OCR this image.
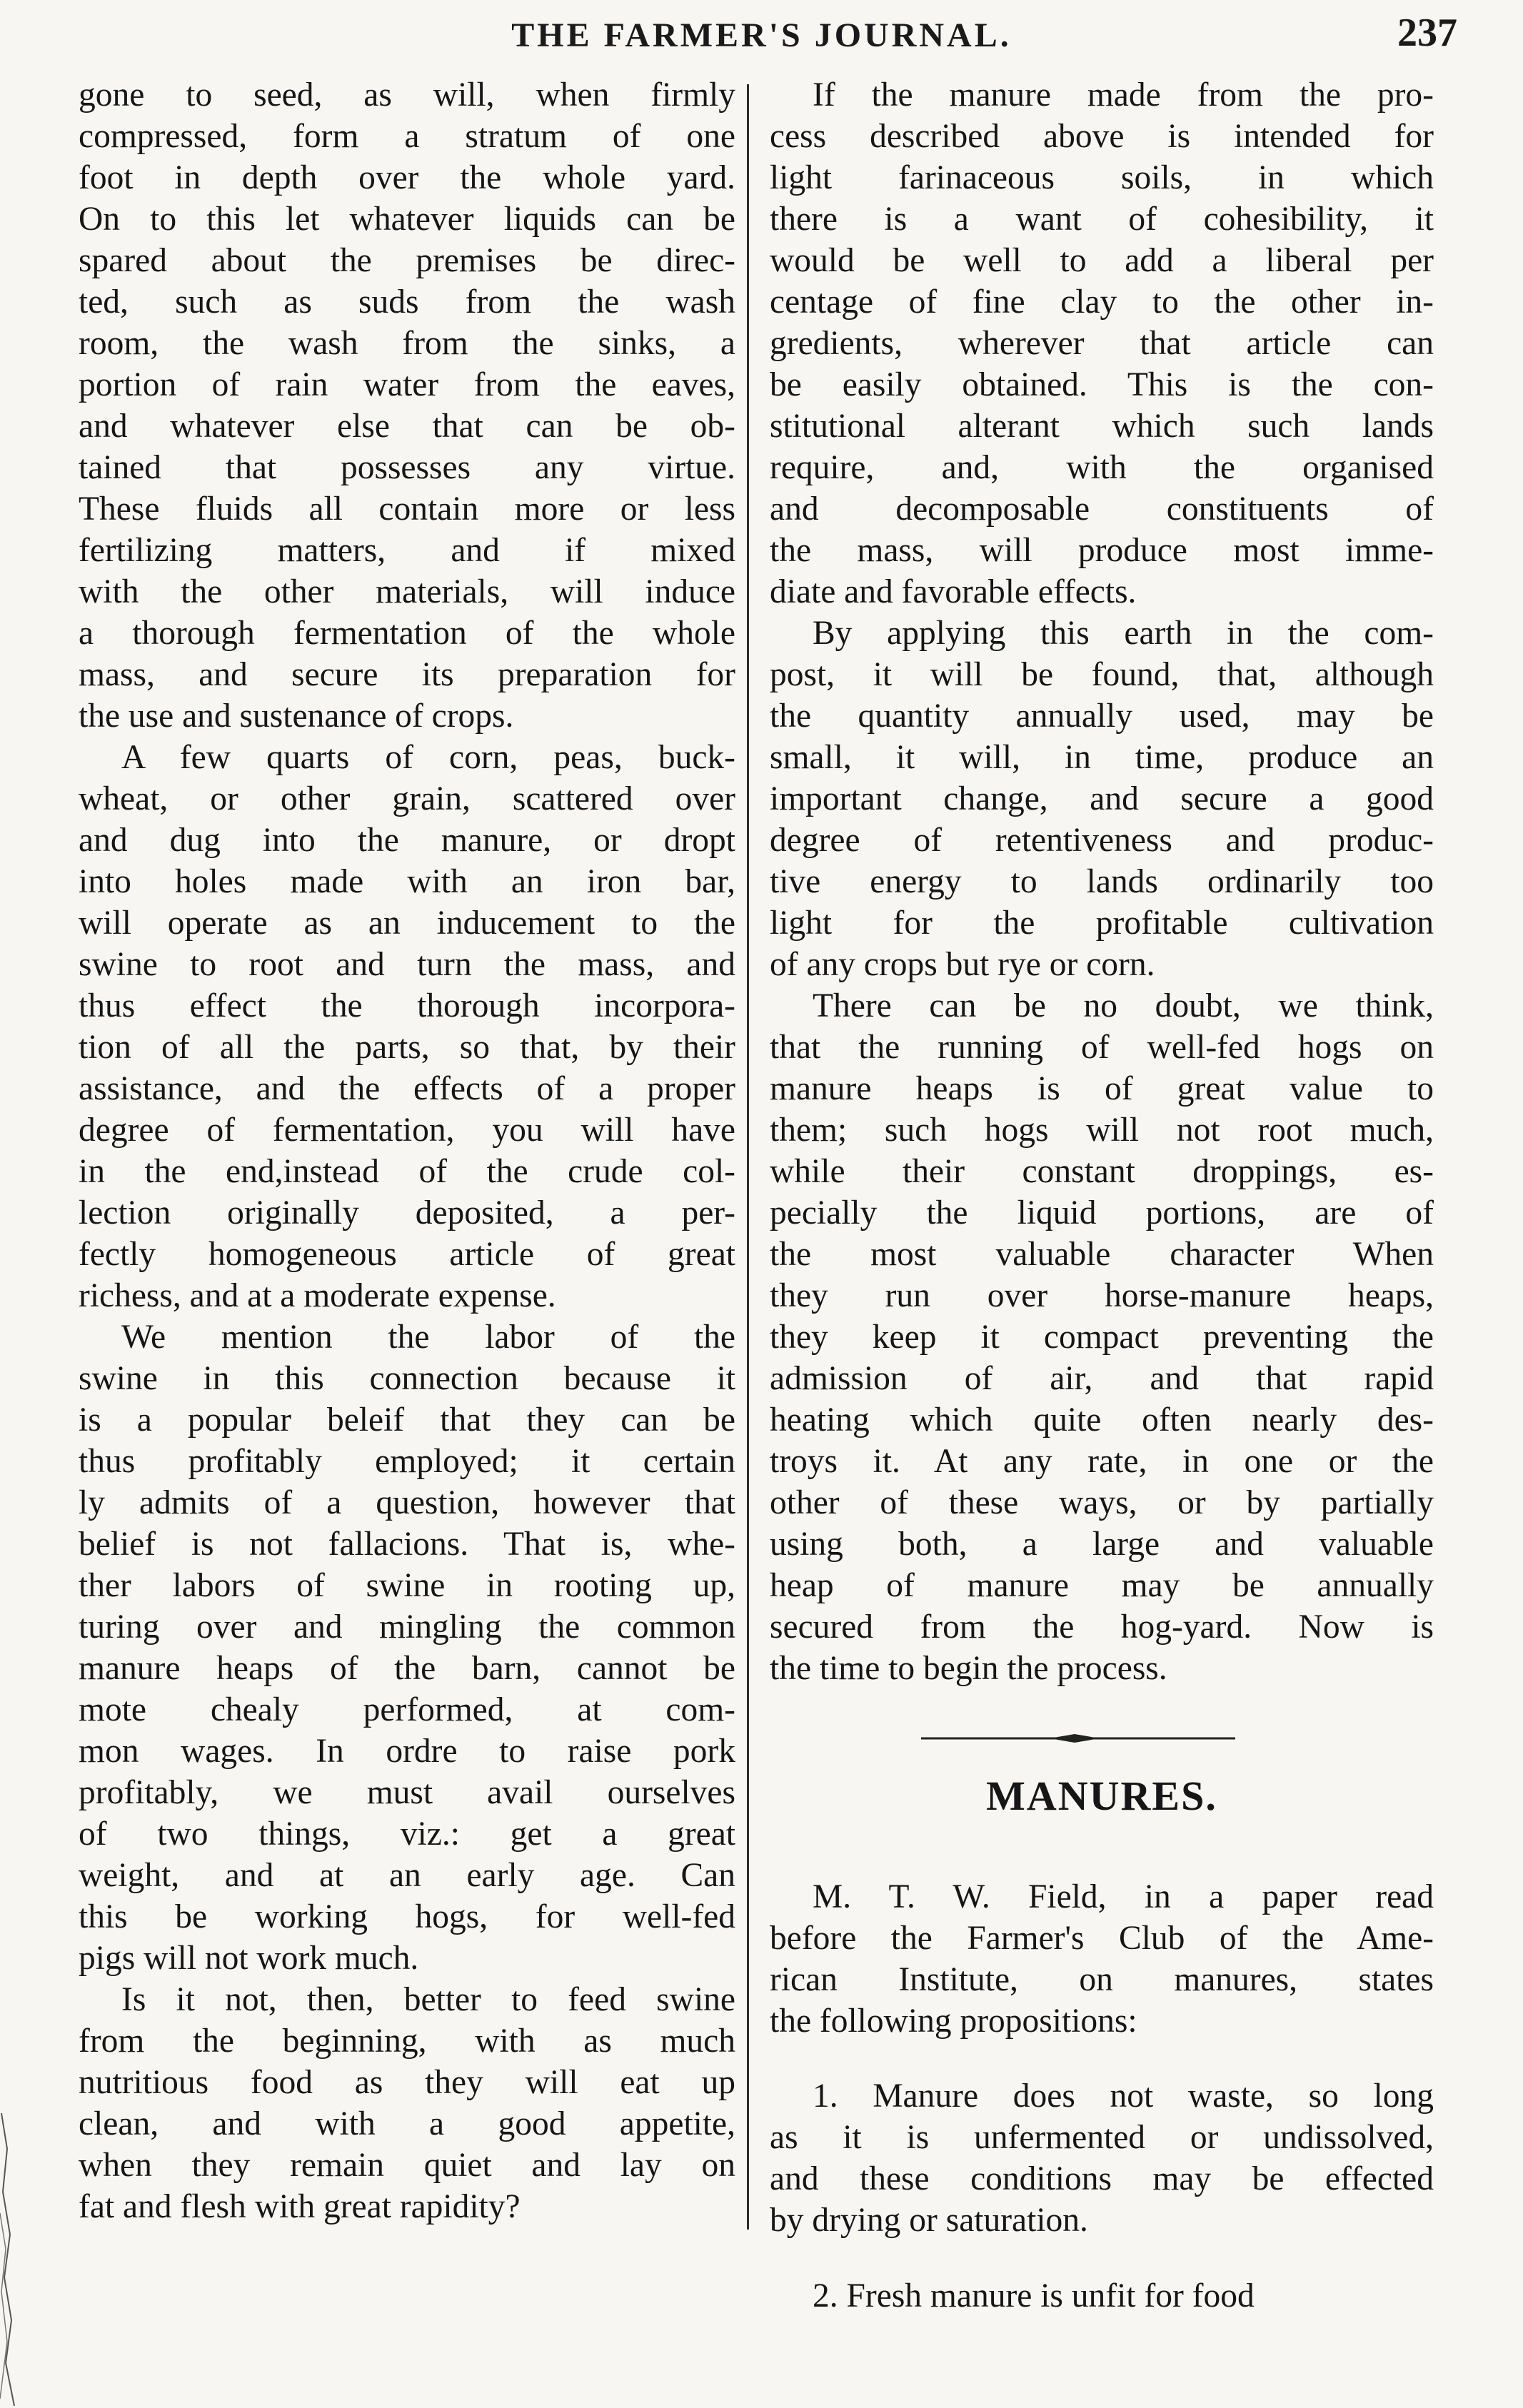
THE FARMER'S JOURNAL.	237

gone to seed, as will, when firmly
compressed, form a stratum of one
foot in depth over the whole yard.
On to this let whatever liquids can be
spared about the premises be direc-
ted, such as suds from the wash
room, the wash from the sinks, a
portion of rain water from the eaves,
and whatever else that can be ob-
tained that possesses any virtue.
These fluids all contain more or less
fertilizing matters, and if mixed
with the other materials, will induce
a thorough fermentation of the whole
mass, and secure its preparation for
the use and sustenance of crops.

A few quarts of corn, peas, buck-
wheat, or other grain, scattered over
and dug into the manure, or dropt
into holes made with an iron bar,
will operate as an inducement to the
swine to root and turn the mass, and
thus effect the thorough incorpora-
tion of all the parts, so that, by their
assistance, and the effects of a proper
degree of fermentation, you will have
in the end,instead of the crude col-
lection originally deposited, a per-
fectly homogeneous article of great
richess, and at a moderate expense.

We mention the labor of the
swine in this connection because it
is a popular beleif that they can be
thus profitably employed; it certain
ly admits of a question, however that
belief is not fallacions. That is, whe-
ther labors of swine in rooting up,
turing over and mingling the common
manure heaps of the barn, cannot be
mote chealy performed, at com-
mon wages. In ordre to raise pork
profitably, we must avail ourselves
of two things, viz.: get a great
weight, and at an early age. Can
this be working hogs, for well-fed
pigs will not work much.

Is it not, then, better to feed swine
from the beginning, with as much
nutritious food as they will eat up
clean, and with a good appetite,
when they remain quiet and lay on
fat and flesh with great rapidity?

If the manure made from the pro-
cess described above is intended for
light farinaceous soils, in which
there is a want of cohesibility, it
would be well to add a liberal per
centage of fine clay to the other in-
gredients, wherever that article can
be easily obtained. This is the con-
stitutional alterant which such lands
require, and, with the organised
and decomposable constituents of
the mass, will produce most imme-
diate and favorable effects.

By applying this earth in the com-
post, it will be found, that, although
the quantity annually used, may be
small, it will, in time, produce an
important change, and secure a good
degree of retentiveness and produc-
tive energy to lands ordinarily too
light for the profitable cultivation
of any crops but rye or corn.

There can be no doubt, we think,
that the running of well-fed hogs on
manure heaps is of great value to
them; such hogs will not root much,
while their constant droppings, es-
pecially the liquid portions, are of
the most valuable character When
they run over horse-manure heaps,
they keep it compact preventing the
admission of air, and that rapid
heating which quite often nearly des-
troys it. At any rate, in one or the
other of these ways, or by partially
using both, a large and valuable
heap of manure may be annually
secured from the hog-yard. Now is
the time to begin the process.

MANURES.

M. T. W. Field, in a paper read
before the Farmer's Club of the Ame-
rican Institute, on manures, states
the following propositions:

1. Manure does not waste, so long
as it is unfermented or undissolved,
and these conditions may be effected
by drying or saturation.

2. Fresh manure is unfit for food
